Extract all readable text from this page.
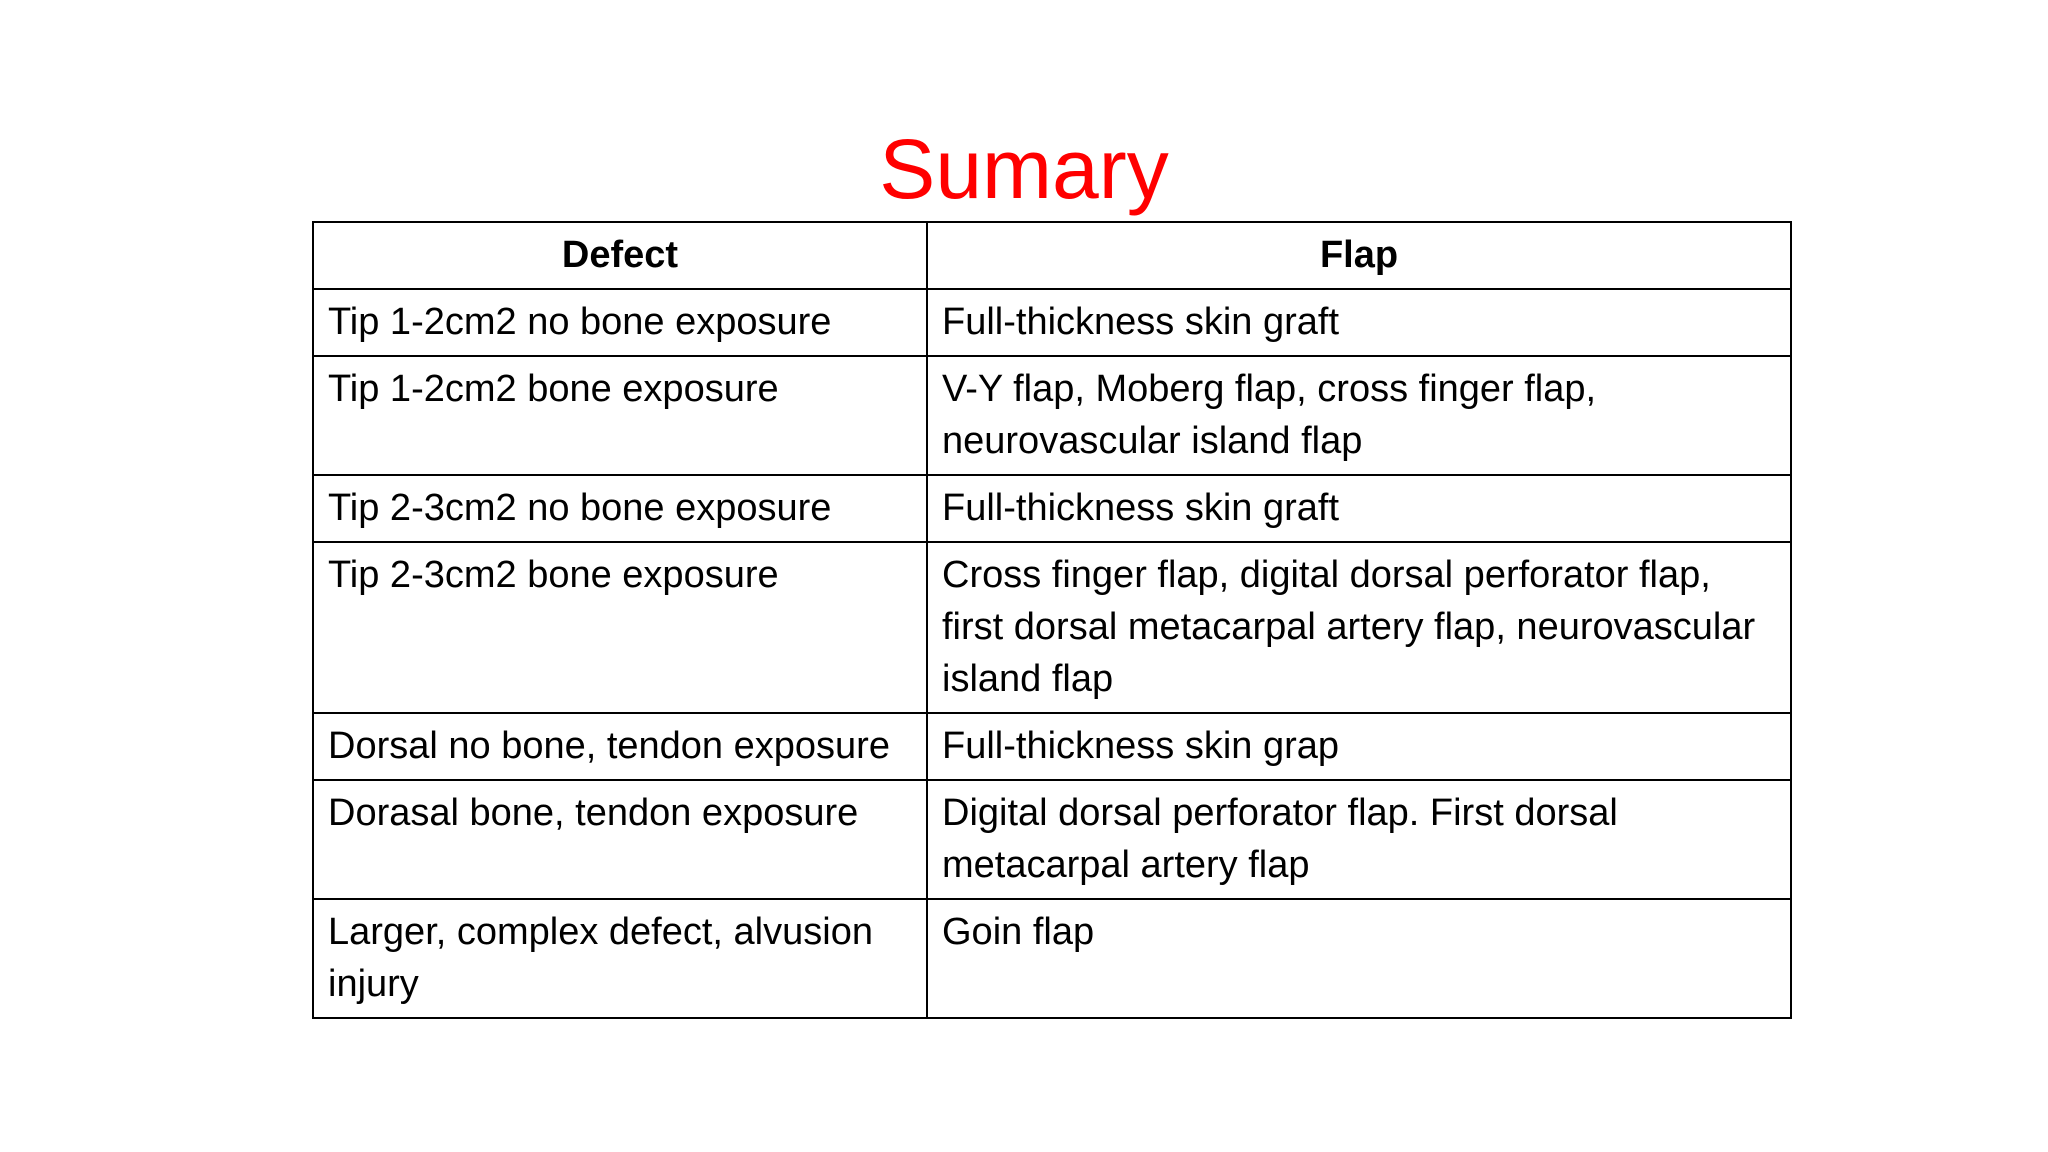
Sumary
Defect	Flap
Tip 1-2cm2 no bone exposure	Full-thickness skin graft
Tip 1-2cm2 bone exposure	V-Y flap, Moberg flap, cross finger flap, neurovascular island flap
Tip 2-3cm2 no bone exposure	Full-thickness skin graft
Tip 2-3cm2 bone exposure	Cross finger flap, digital dorsal perforator flap, first dorsal metacarpal artery flap, neurovascular island flap
Dorsal no bone, tendon exposure	Full-thickness skin grap
Dorasal bone, tendon exposure	Digital dorsal perforator flap. First dorsal metacarpal artery flap
Larger, complex defect, alvusion injury	Goin flap
